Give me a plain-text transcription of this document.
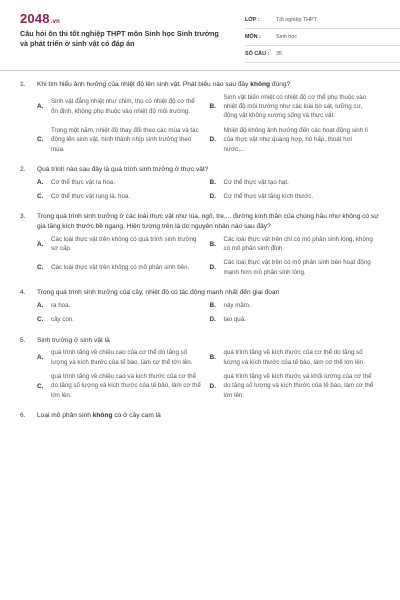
2048.vn
Câu hỏi ôn thi tốt nghiệp THPT môn Sinh học Sinh trưởng và phát triển ở sinh vật có đáp án
LỚP :	Tốt nghiệp THPT
MÔN :	Sinh học
SỐ CÂU :	35
1.	Khi tìm hiểu ảnh hưởng của nhiệt độ lên sinh vật. Phát biểu nào sau đây không đúng?
A.
Sinh vật đẳng nhiệt như chim, thú có nhiệt độ cơ thể ổn định, không phụ thuộc vào nhiệt độ môi trường.
B.
Sinh vật biến nhiệt có nhiệt độ cơ thể phụ thuộc vào nhiệt độ môi trường như các loài bò sát, lưỡng cư, động vật không xương sống và thực vật.
C.
Trong một năm, nhiệt độ thay đổi theo các mùa và tác động lên sinh vật, hình thành nhịp sinh trưởng theo mùa.
D.
Nhiệt độ không ảnh hưởng đến các hoạt động sinh lí của thực vật như quang hợp, hô hấp, thoát hơi nước,...
2.	Quá trình nào sau đây là quá trình sinh trưởng ở thực vật?
A.	Cơ thể thực vật ra hoa.	B.	Cơ thể thực vật tạo hạt.
C.	Cơ thể thực vật rụng lá, hoa.	D.	Cơ thể thực vật tăng kích thước.
3.	Trong quá trình sinh trưởng ở các loài thực vật như lúa, ngô, tre,... đường kính thân của chúng hầu như không có sự gia tăng kích thước bề ngang. Hiện tượng trên là do nguyên nhân nào sau đây?
A.
Các loài thực vật trên không có quá trình sinh trưởng sơ cấp.
B.
Các loài thực vật trên chỉ có mô phân sinh lóng, không có mô phân sinh đỉnh.
C.	Các loài thực vật trên không có mô phân sinh bên.	D.
Các loài thực vật trên có mô phân sinh bên hoạt động mạnh hơn mô phân sinh lóng.
4.	Trong quá trình sinh trưởng của cây, nhiệt độ có tác động mạnh nhất đến giai đoạn
A.	ra hoa.	B.	nảy mầm.
C.	cây con.	D.	tạo quả.
5.	Sinh trưởng ở sinh vật là
A.
quá trình tăng về chiều cao của cơ thể do tăng số lượng và kích thước của tế bào, làm cơ thể lớn lên.
B.
quá trình tăng về kích thước của cơ thể do tăng số lượng và kích thước của tế bào, làm cơ thể lớn lên.
C.
quá trình tăng về chiều cao và kích thước của cơ thể do tăng số lượng và kích thước của tế bào, làm cơ thể lớn lên.
D.
quá trình tăng về kích thước và khối lượng của cơ thể do tăng số lượng và kích thước của tế bào, làm cơ thể lớn lên.
6.	Loại mô phân sinh không có ở cây cam là
